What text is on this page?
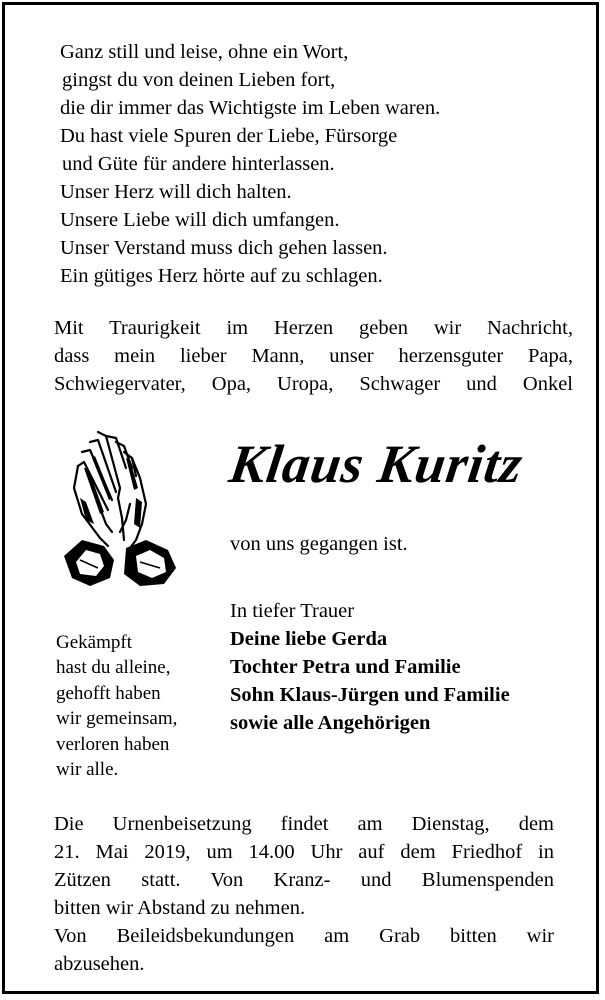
Ganz still und leise, ohne ein Wort,
gingst du von deinen Lieben fort,
die dir immer das Wichtigste im Leben waren.
Du hast viele Spuren der Liebe, Fürsorge
und Güte für andere hinterlassen.
Unser Herz will dich halten.
Unsere Liebe will dich umfangen.
Unser Verstand muss dich gehen lassen.
Ein gütiges Herz hörte auf zu schlagen.
Mit Traurigkeit im Herzen geben wir Nachricht,
dass mein lieber Mann, unser herzensguter Papa,
Schwiegervater, Opa, Uropa, Schwager und Onkel
Klaus Kuritz
von uns gegangen ist.
In tiefer Trauer
Deine liebe Gerda
Tochter Petra und Familie
Sohn Klaus-Jürgen und Familie
sowie alle Angehörigen
Gekämpft
hast du alleine,
gehofft haben
wir gemeinsam,
verloren haben
wir alle.
Die Urnenbeisetzung findet am Dienstag, dem
21. Mai 2019, um 14.00 Uhr auf dem Friedhof in
Zützen statt. Von Kranz- und Blumenspenden
bitten wir Abstand zu nehmen.
Von Beileidsbekundungen am Grab bitten wir
abzusehen.
